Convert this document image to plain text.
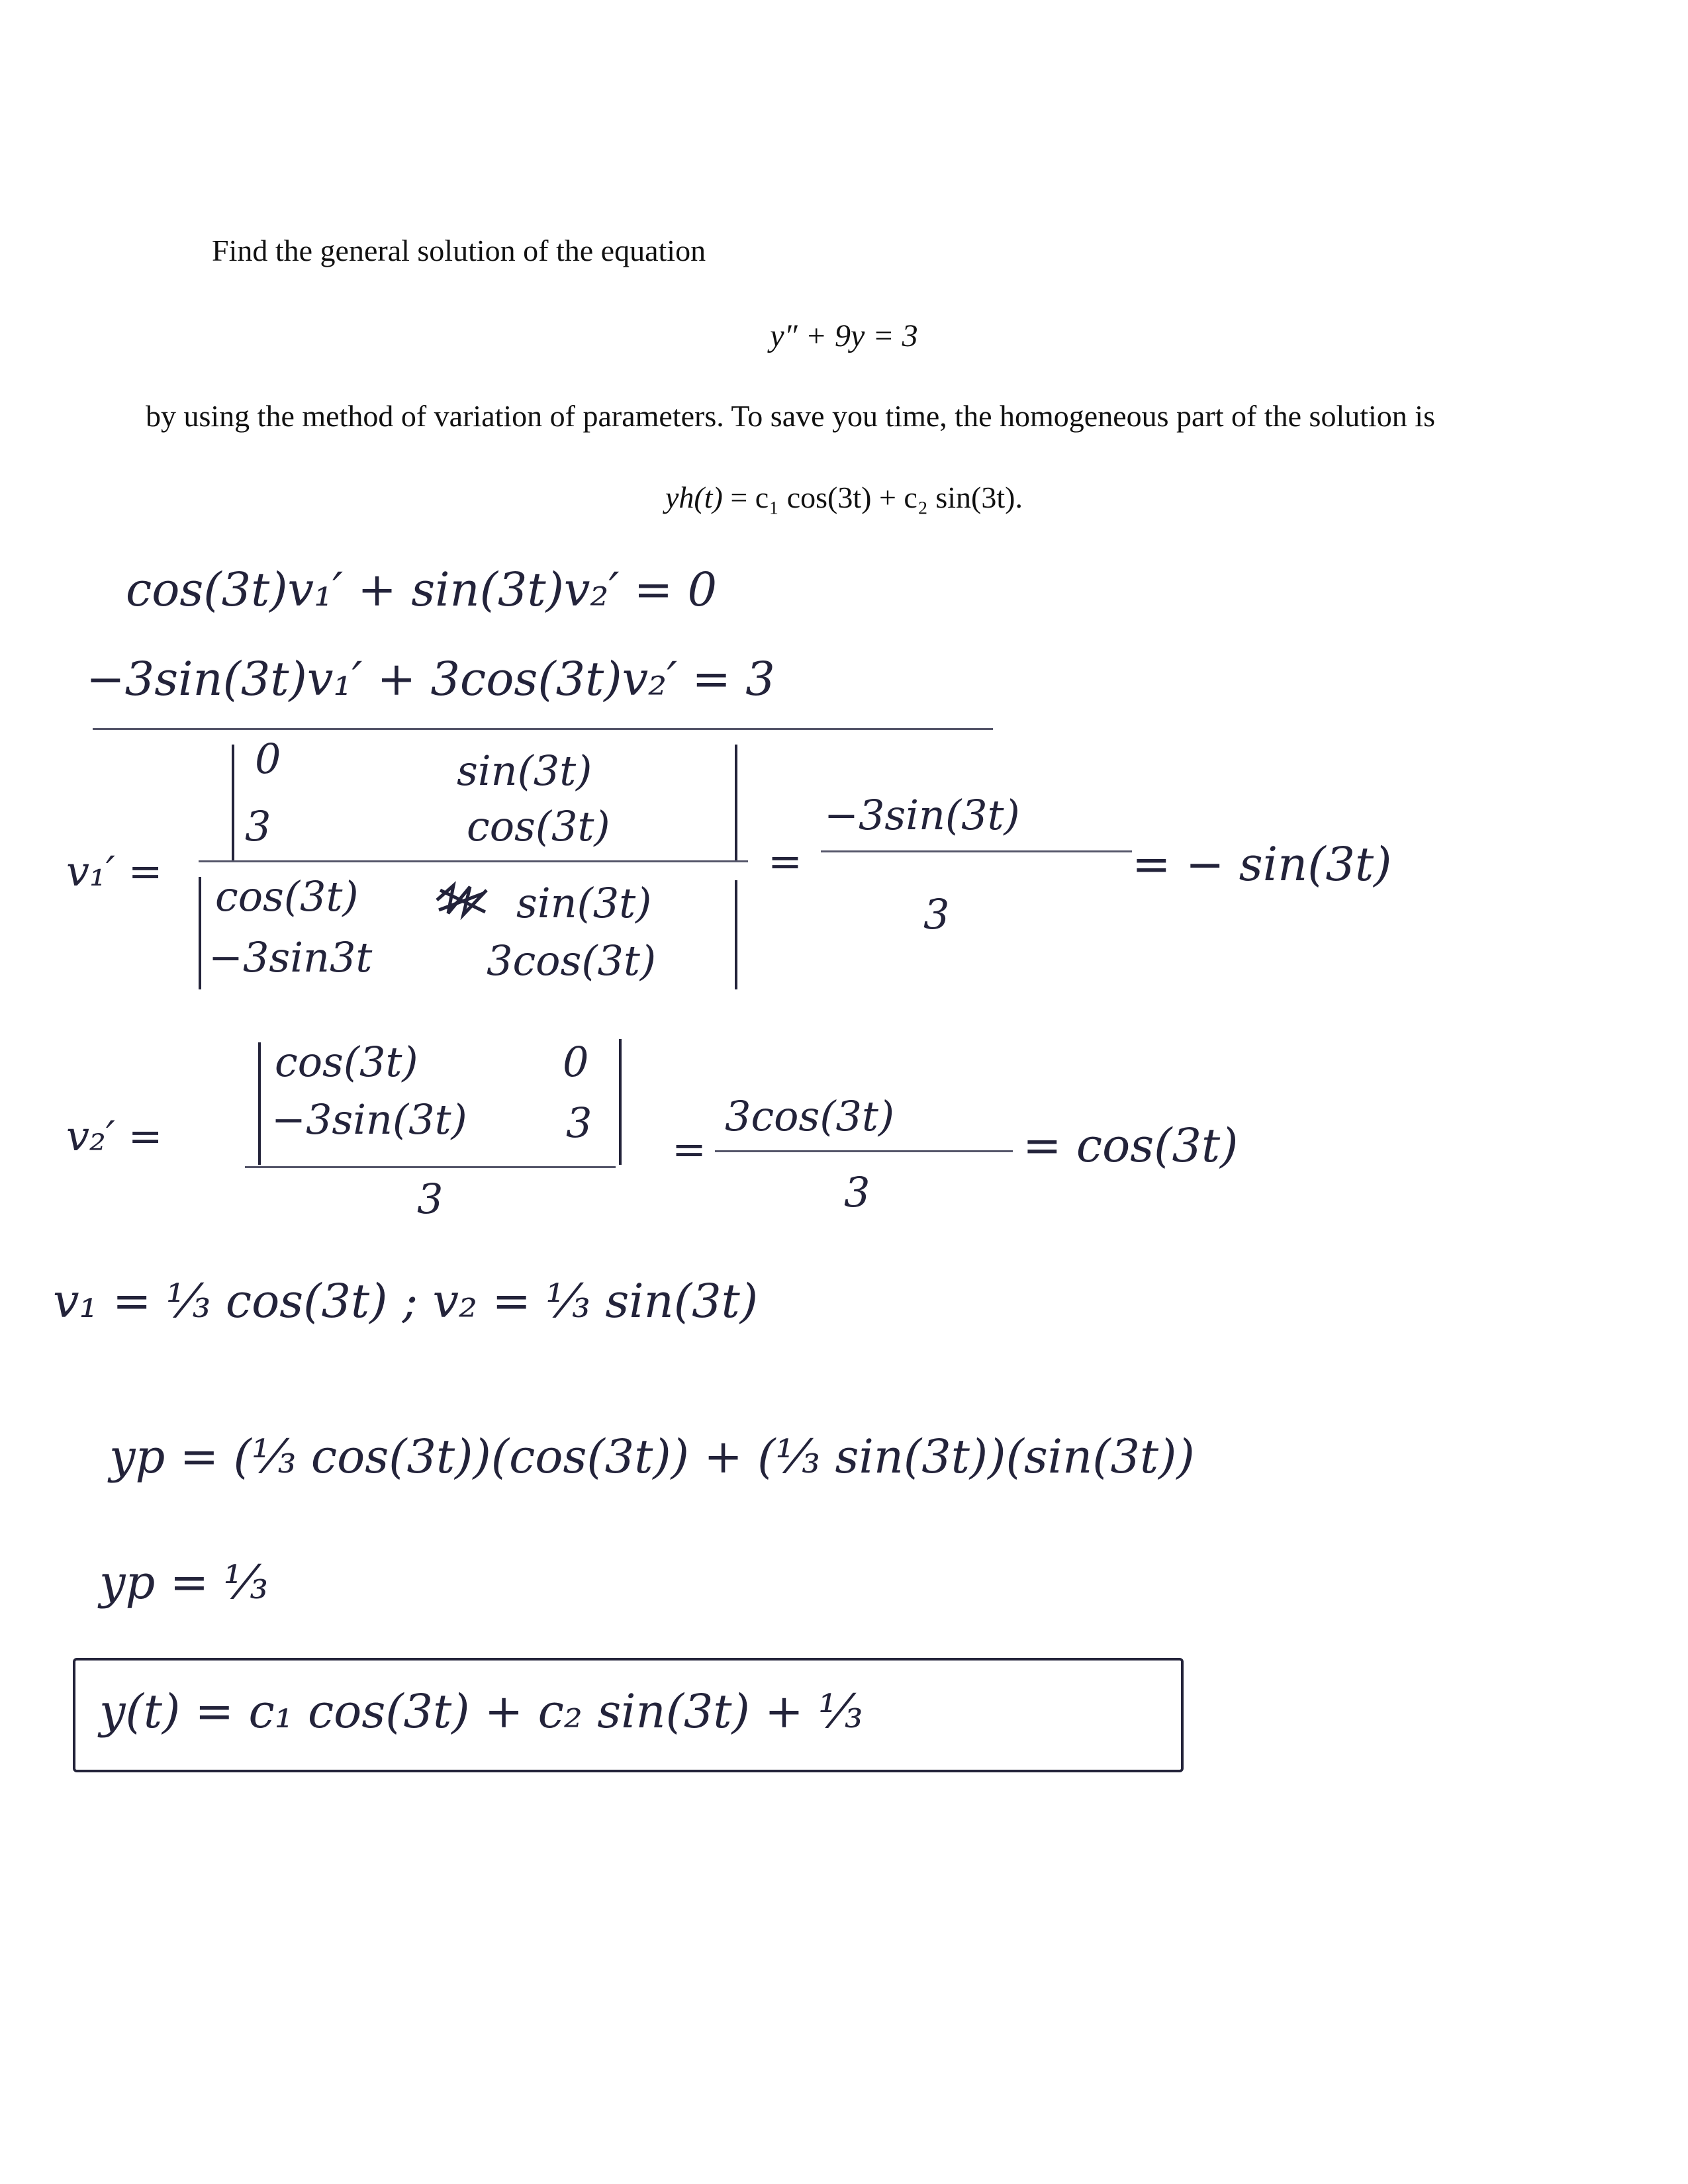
Find the general solution of the equation
y″ + 9y = 3
by using the method of variation of parameters. To save you time, the homogeneous part of the solution is
yh(t) = c₁ cos(3t) + c₂ sin(3t).
cos(3t)v₁′ + sin(3t)v₂′ = 0
−3sin(3t)v₁′ + 3cos(3t)v₂′ = 3
v₁′ =
0	sin(3t)
3	cos(3t)
cos(3t)	sin(3t)
−3sin3t	3cos(3t)
=
−3sin(3t)
3
= − sin(3t)
v₂′ =
cos(3t)	0
−3sin(3t) 3
3
=
3cos(3t)
3
= cos(3t)
v₁ = ⅓ cos(3t) ; v₂ = ⅓ sin(3t)
yp = (⅓ cos(3t))(cos(3t)) + (⅓ sin(3t))(sin(3t))
yp = ⅓
y(t) = c₁ cos(3t) + c₂ sin(3t) + ⅓
